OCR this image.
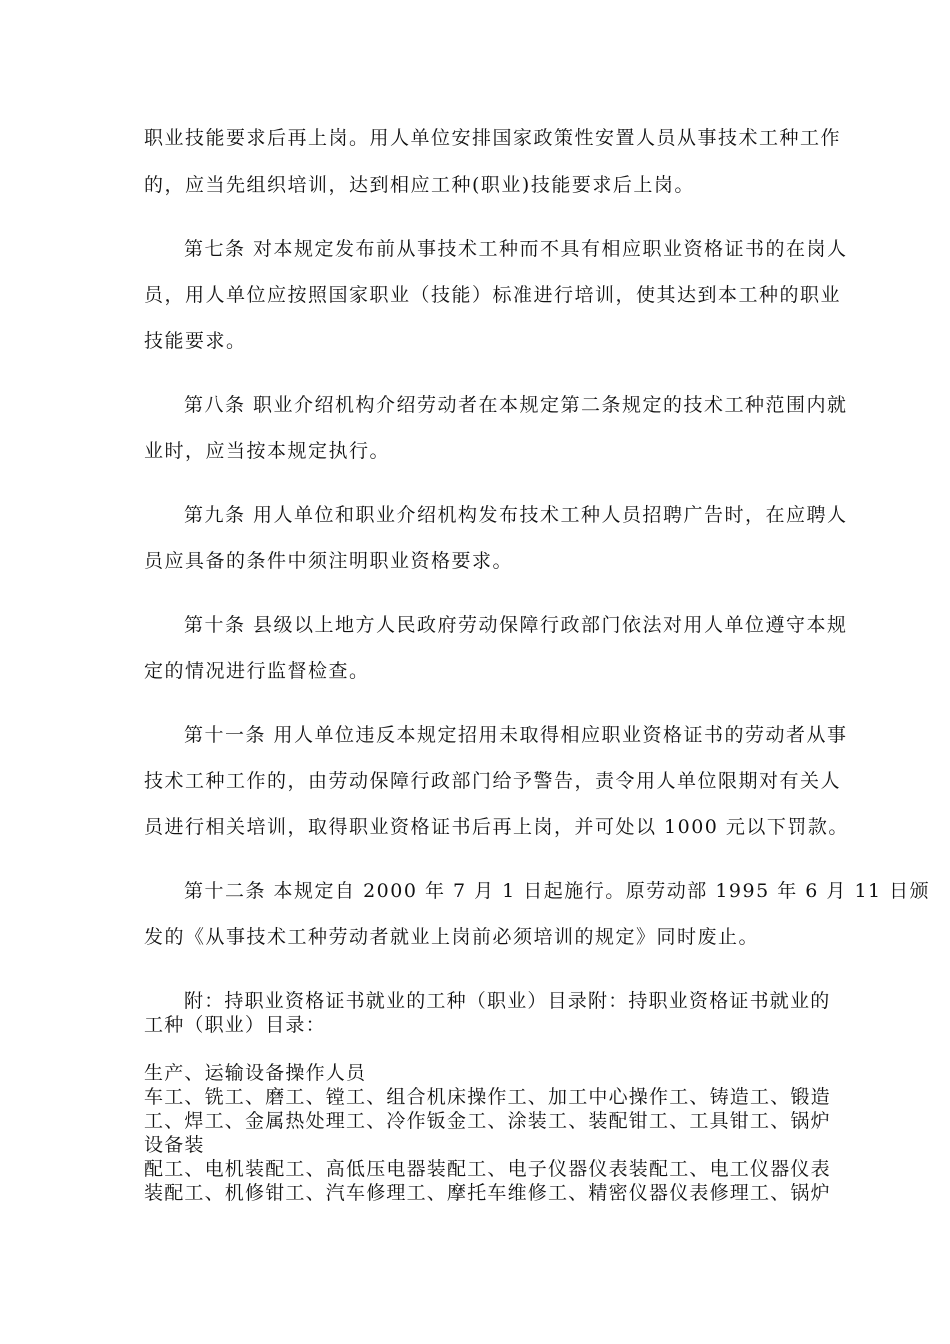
职业技能要求后再上岗。用人单位安排国家政策性安置人员从事技术工种工作
的，应当先组织培训，达到相应工种(职业)技能要求后上岗。
第七条 对本规定发布前从事技术工种而不具有相应职业资格证书的在岗人
员，用人单位应按照国家职业（技能）标准进行培训，使其达到本工种的职业
技能要求。
第八条 职业介绍机构介绍劳动者在本规定第二条规定的技术工种范围内就
业时，应当按本规定执行。
第九条 用人单位和职业介绍机构发布技术工种人员招聘广告时，在应聘人
员应具备的条件中须注明职业资格要求。
第十条 县级以上地方人民政府劳动保障行政部门依法对用人单位遵守本规
定的情况进行监督检查。
第十一条 用人单位违反本规定招用未取得相应职业资格证书的劳动者从事
技术工种工作的，由劳动保障行政部门给予警告，责令用人单位限期对有关人
员进行相关培训，取得职业资格证书后再上岗，并可处以 1000 元以下罚款。
第十二条 本规定自 2000 年 7 月 1 日起施行。原劳动部 1995 年 6 月 11 日颁
发的《从事技术工种劳动者就业上岗前必须培训的规定》同时废止。
附：持职业资格证书就业的工种（职业）目录附：持职业资格证书就业的
工种（职业）目录：
生产、运输设备操作人员
车工、铣工、磨工、镗工、组合机床操作工、加工中心操作工、铸造工、锻造
工、焊工、金属热处理工、冷作钣金工、涂装工、装配钳工、工具钳工、锅炉
设备装
配工、电机装配工、高低压电器装配工、电子仪器仪表装配工、电工仪器仪表
装配工、机修钳工、汽车修理工、摩托车维修工、精密仪器仪表修理工、锅炉
